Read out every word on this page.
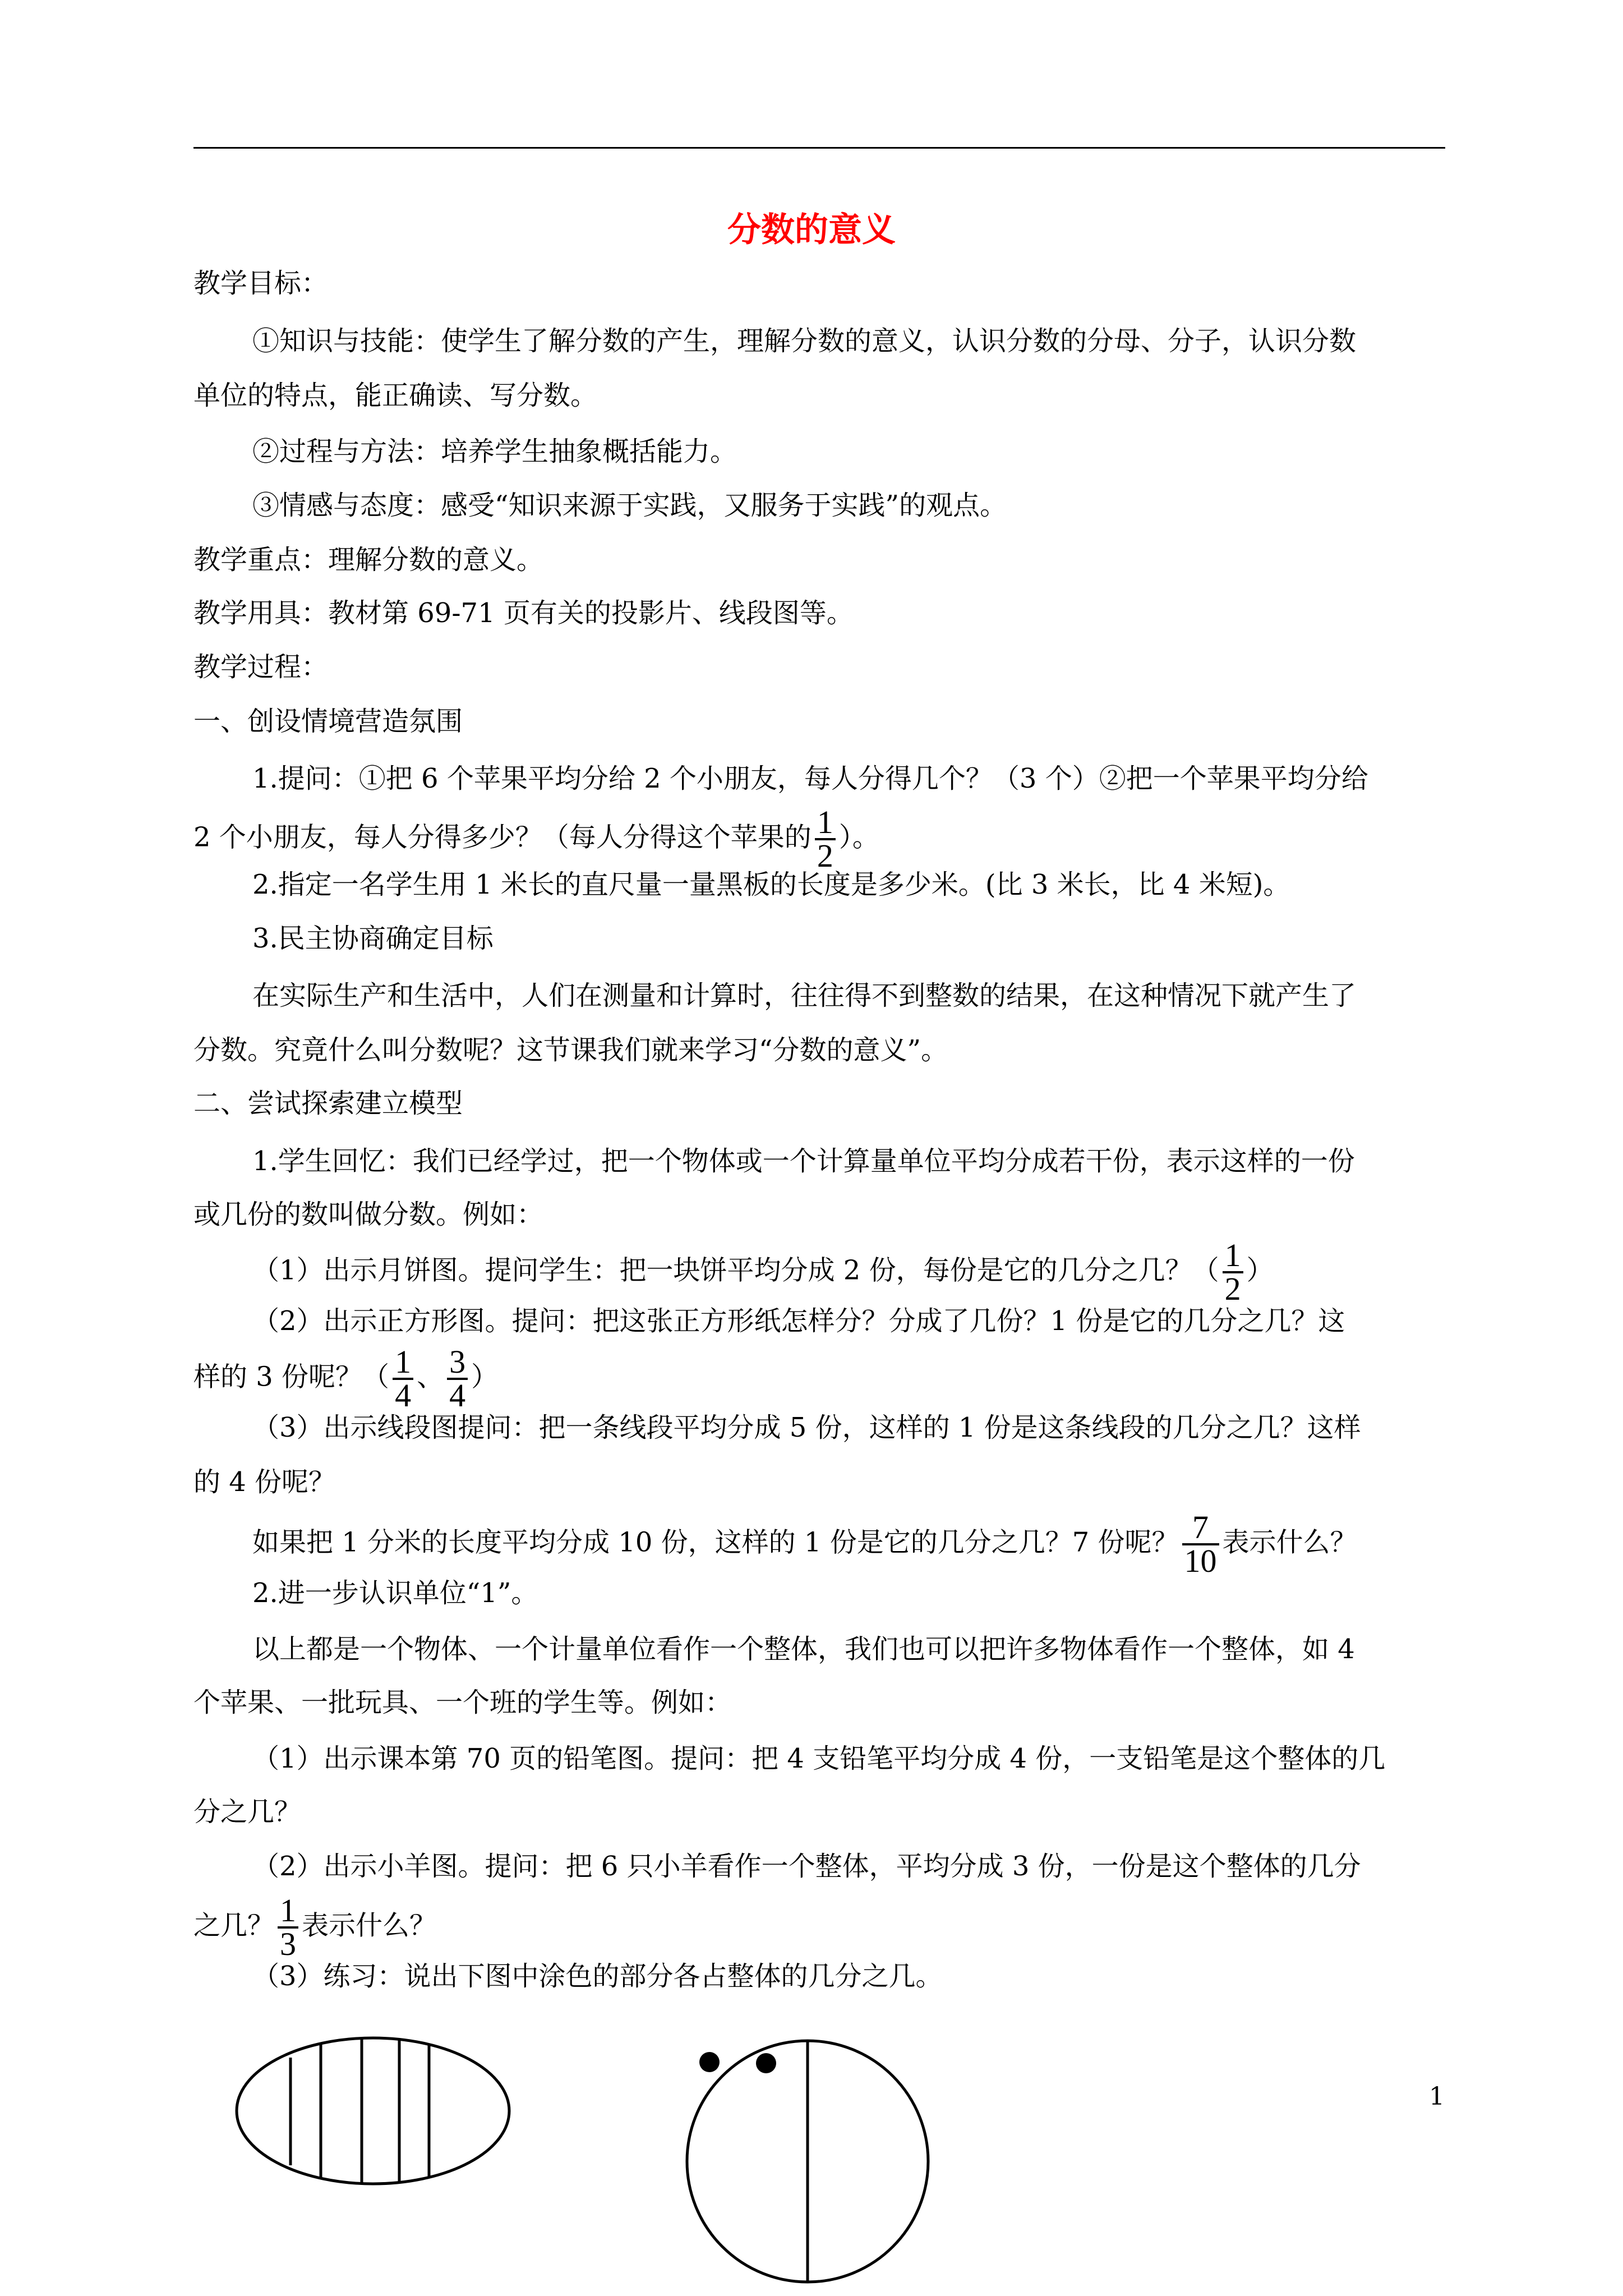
分数的意义
教学目标：
①知识与技能：使学生了解分数的产生，理解分数的意义，认识分数的分母、分子，认识分数
单位的特点，能正确读、写分数。
②过程与方法：培养学生抽象概括能力。
③情感与态度：感受“知识来源于实践，又服务于实践”的观点。
教学重点：理解分数的意义。
教学用具：教材第 69-71 页有关的投影片、线段图等。
教学过程：
一、创设情境营造氛围
1.提问：①把 6 个苹果平均分给 2 个小朋友，每人分得几个？（3 个）②把一个苹果平均分给
2 个小朋友，每人分得多少？（每人分得这个苹果的 $\frac{1}{2}$ ）。
2.指定一名学生用 1 米长的直尺量一量黑板的长度是多少米。(比 3 米长，比 4 米短)。
3.民主协商确定目标
在实际生产和生活中，人们在测量和计算时，往往得不到整数的结果，在这种情况下就产生了
分数。究竟什么叫分数呢？这节课我们就来学习“分数的意义”。
二、尝试探索建立模型
1.学生回忆：我们已经学过，把一个物体或一个计算量单位平均分成若干份，表示这样的一份
或几份的数叫做分数。例如：
（1）出示月饼图。提问学生：把一块饼平均分成 2 份，每份是它的几分之几？（ $\frac{1}{2}$ ）
（2）出示正方形图。提问：把这张正方形纸怎样分？分成了几份？1 份是它的几分之几？这
样的 3 份呢？（ $\frac{1}{4}$ 、 $\frac{3}{4}$ ）
（3）出示线段图提问：把一条线段平均分成 5 份，这样的 1 份是这条线段的几分之几？这样
的 4 份呢？
如果把 1 分米的长度平均分成 10 份，这样的 1 份是它的几分之几？7 份呢？ $\frac{7}{10}$ 表示什么？
2.进一步认识单位“1”。
以上都是一个物体、一个计量单位看作一个整体，我们也可以把许多物体看作一个整体，如 4
个苹果、一批玩具、一个班的学生等。例如：
（1）出示课本第 70 页的铅笔图。提问：把 4 支铅笔平均分成 4 份，一支铅笔是这个整体的几
分之几？
（2）出示小羊图。提问：把 6 只小羊看作一个整体，平均分成 3 份，一份是这个整体的几分
之几？ $\frac{1}{3}$ 表示什么？
（3）练习：说出下图中涂色的部分各占整体的几分之几。
1
